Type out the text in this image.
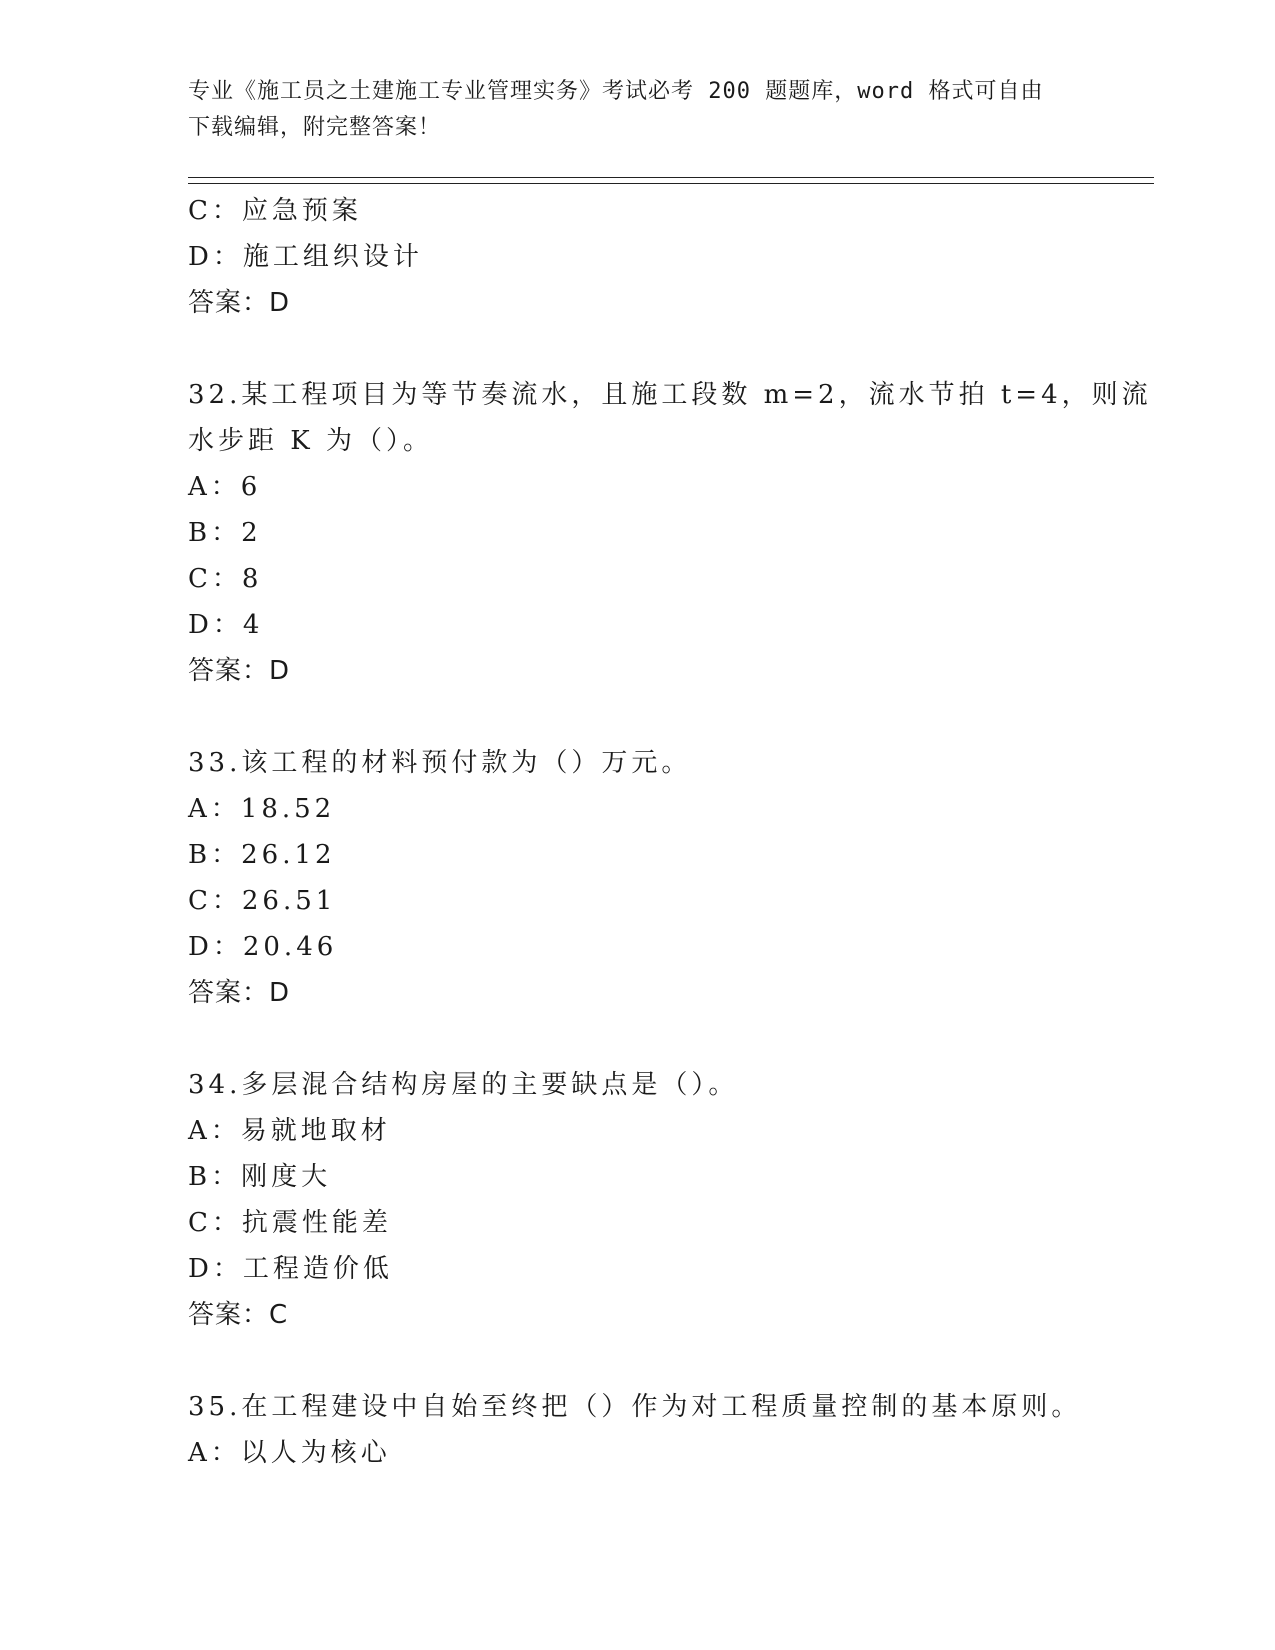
专业《施工员之土建施工专业管理实务》考试必考 200 题题库，word 格式可自由
下载编辑，附完整答案！
C：应急预案
D：施工组织设计
答案：D
32.某工程项目为等节奏流水，且施工段数 m=2，流水节拍 t=4，则流
水步距 K 为（）。
A：6
B：2
C：8
D：4
答案：D
33.该工程的材料预付款为（）万元。
A：18.52
B：26.12
C：26.51
D：20.46
答案：D
34.多层混合结构房屋的主要缺点是（）。
A：易就地取材
B：刚度大
C：抗震性能差
D：工程造价低
答案：C
35.在工程建设中自始至终把（）作为对工程质量控制的基本原则。
A：以人为核心
